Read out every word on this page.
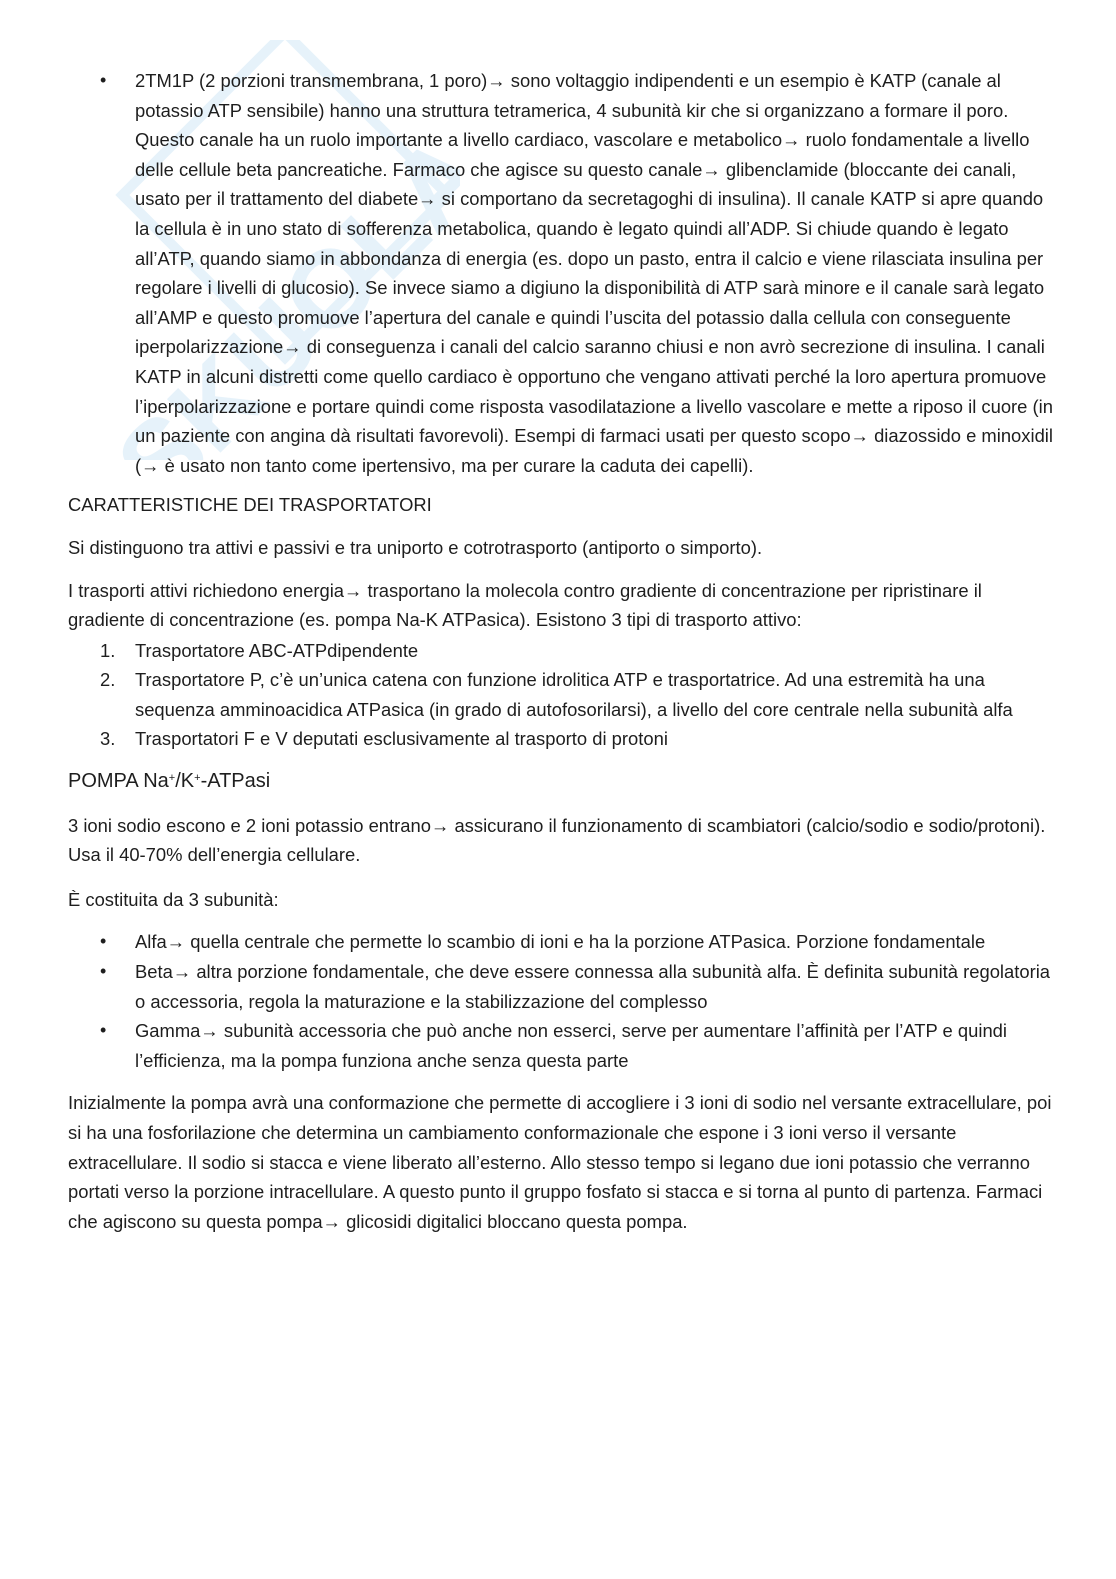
SKUOLA
• 2TM1P (2 porzioni transmembrana, 1 poro)→ sono voltaggio indipendenti e un esempio è KATP (canale al potassio ATP sensibile) hanno una struttura tetramerica, 4 subunità kir che si organizzano a formare il poro. Questo canale ha un ruolo importante a livello cardiaco, vascolare e metabolico→ ruolo fondamentale a livello delle cellule beta pancreatiche. Farmaco che agisce su questo canale→ glibenclamide (bloccante dei canali, usato per il trattamento del diabete→ si comportano da secretagoghi di insulina). Il canale KATP si apre quando la cellula è in uno stato di sofferenza metabolica, quando è legato quindi all’ADP. Si chiude quando è legato all’ATP, quando siamo in abbondanza di energia (es. dopo un pasto, entra il calcio e viene rilasciata insulina per regolare i livelli di glucosio). Se invece siamo a digiuno la disponibilità di ATP sarà minore e il canale sarà legato all’AMP e questo promuove l’apertura del canale e quindi l’uscita del potassio dalla cellula con conseguente iperpolarizzazione→ di conseguenza i canali del calcio saranno chiusi e non avrò secrezione di insulina. I canali KATP in alcuni distretti come quello cardiaco è opportuno che vengano attivati perché la loro apertura promuove l’iperpolarizzazione e portare quindi come risposta vasodilatazione a livello vascolare e mette a riposo il cuore (in un paziente con angina dà risultati favorevoli). Esempi di farmaci usati per questo scopo→ diazossido e minoxidil (→ è usato non tanto come ipertensivo, ma per curare la caduta dei capelli).

CARATTERISTICHE DEI TRASPORTATORI

Si distinguono tra attivi e passivi e tra uniporto e cotrotrasporto (antiporto o simporto).

I trasporti attivi richiedono energia→ trasportano la molecola contro gradiente di concentrazione per ripristinare il gradiente di concentrazione (es. pompa Na-K ATPasica). Esistono 3 tipi di trasporto attivo:

1. Trasportatore ABC-ATPdipendente
2. Trasportatore P, c’è un’unica catena con funzione idrolitica ATP e trasportatrice. Ad una estremità ha una sequenza amminoacidica ATPasica (in grado di autofosorilarsi), a livello del core centrale nella subunità alfa
3. Trasportatori F e V deputati esclusivamente al trasporto di protoni

POMPA Na+/K+-ATPasi

3 ioni sodio escono e 2 ioni potassio entrano→ assicurano il funzionamento di scambiatori (calcio/sodio e sodio/protoni). Usa il 40-70% dell’energia cellulare.

È costituita da 3 subunità:

• Alfa→ quella centrale che permette lo scambio di ioni e ha la porzione ATPasica. Porzione fondamentale
• Beta→ altra porzione fondamentale, che deve essere connessa alla subunità alfa. È definita subunità regolatoria o accessoria, regola la maturazione e la stabilizzazione del complesso
• Gamma→ subunità accessoria che può anche non esserci, serve per aumentare l’affinità per l’ATP e quindi l’efficienza, ma la pompa funziona anche senza questa parte

Inizialmente la pompa avrà una conformazione che permette di accogliere i 3 ioni di sodio nel versante extracellulare, poi si ha una fosforilazione che determina un cambiamento conformazionale che espone i 3 ioni verso il versante extracellulare. Il sodio si stacca e viene liberato all’esterno. Allo stesso tempo si legano due ioni potassio che verranno portati verso la porzione intracellulare. A questo punto il gruppo fosfato si stacca e si torna al punto di partenza. Farmaci che agiscono su questa pompa→ glicosidi digitalici bloccano questa pompa.
